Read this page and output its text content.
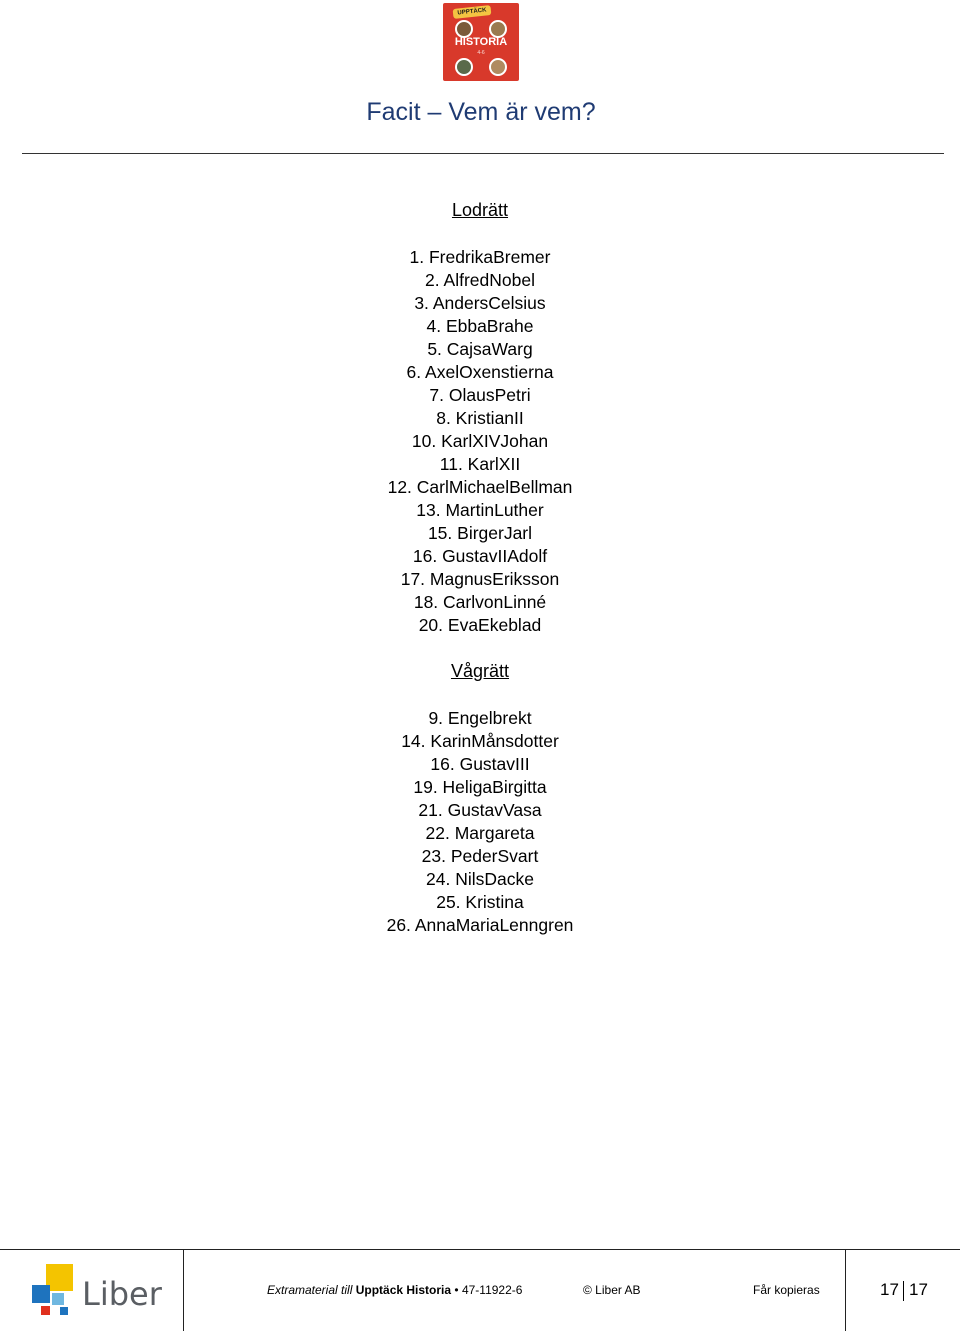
UPPTÄCK
HISTORIA
4-6
Facit – Vem är vem?
Lodrätt
1. FredrikaBremer
2. AlfredNobel
3. AndersCelsius
4. EbbaBrahe
5. CajsaWarg
6. AxelOxenstierna
7. OlausPetri
8. KristianII
10. KarlXIVJohan
11. KarlXII
12. CarlMichaelBellman
13. MartinLuther
15. BirgerJarl
16. GustavIIAdolf
17. MagnusEriksson
18. CarlvonLinné
20. EvaEkeblad
Vågrätt
9. Engelbrekt
14. KarinMånsdotter
16. GustavIII
19. HeligaBirgitta
21. GustavVasa
22. Margareta
23. PederSvart
24. NilsDacke
25. Kristina
26. AnnaMariaLenngren
Liber	Extramaterial till Upptäck Historia • 47-11922-6	© Liber AB	Får kopieras	17 17
